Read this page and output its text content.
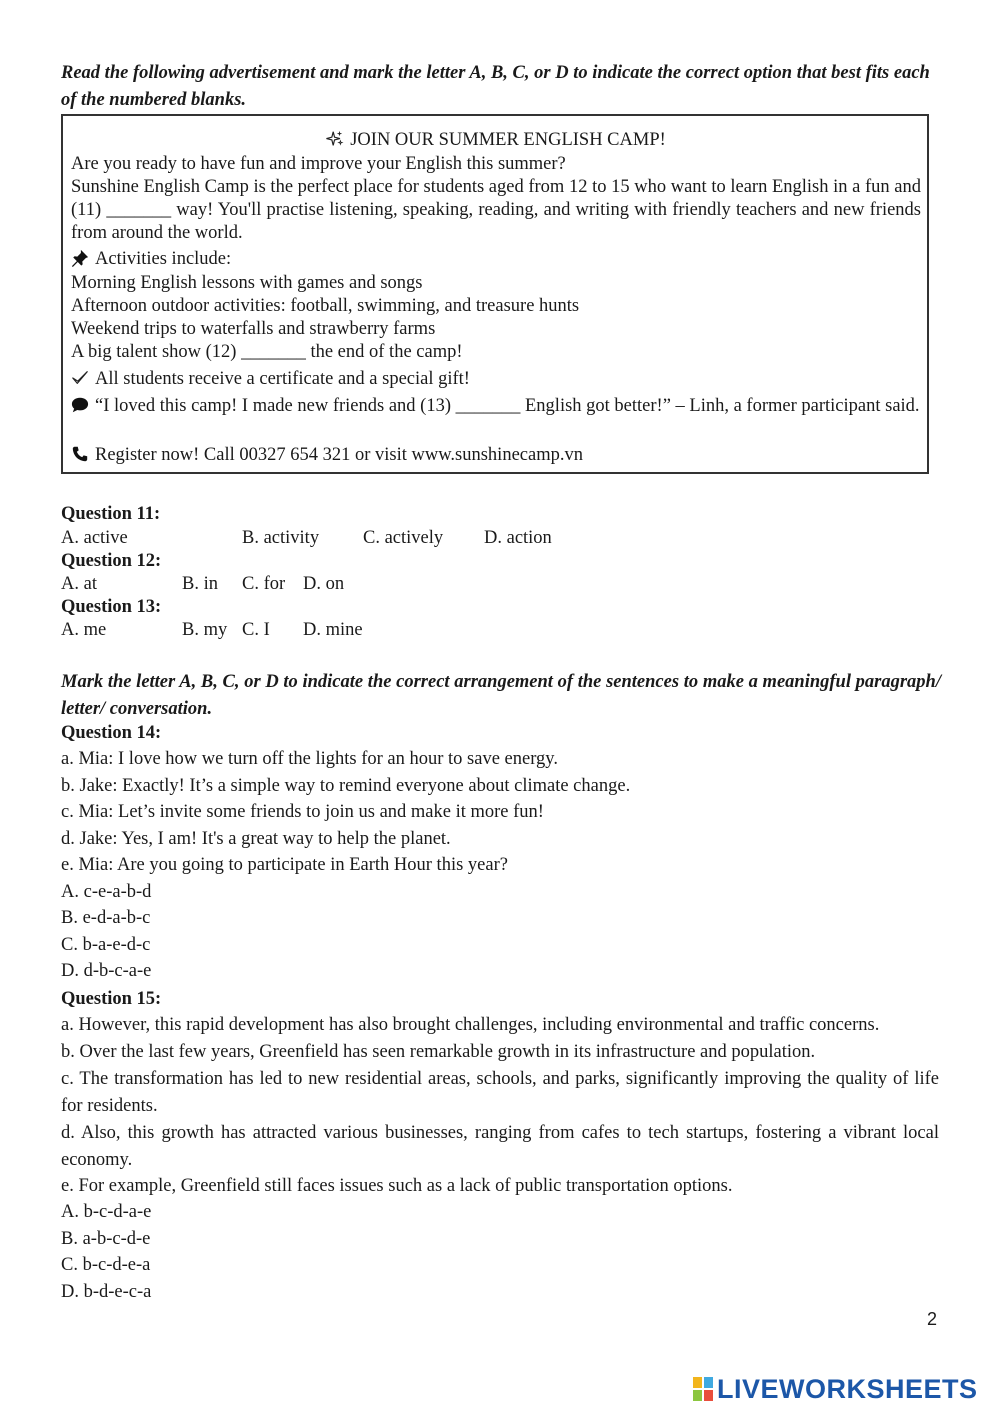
Read the following advertisement and mark the letter A, B, C, or D to indicate the correct option that best fits each of the numbered blanks.
JOIN OUR SUMMER ENGLISH CAMP!
Are you ready to have fun and improve your English this summer?
Sunshine English Camp is the perfect place for students aged from 12 to 15 who want to learn English in a fun and (11) _______ way! You'll practise listening, speaking, reading, and writing with friendly teachers and new friends from around the world.
Activities include:
Morning English lessons with games and songs
Afternoon outdoor activities: football, swimming, and treasure hunts
Weekend trips to waterfalls and strawberry farms
A big talent show (12) _______ the end of the camp!
All students receive a certificate and a special gift!
“I loved this camp! I made new friends and (13) _______ English got better!” – Linh, a former participant said.
Register now! Call 00327 654 321 or visit www.sunshinecamp.vn
Question 11:
A. active	B. activity C. actively D. action
Question 12:
A. at	B. in C. for D. on
Question 13:
A. me	B. my C. I D. mine
Mark the letter A, B, C, or D to indicate the correct arrangement of the sentences to make a meaningful paragraph/ letter/ conversation.
Question 14:
a. Mia: I love how we turn off the lights for an hour to save energy.
b. Jake: Exactly! It’s a simple way to remind everyone about climate change.
c. Mia: Let’s invite some friends to join us and make it more fun!
d. Jake: Yes, I am! It's a great way to help the planet.
e. Mia: Are you going to participate in Earth Hour this year?
A. c-e-a-b-d
B. e-d-a-b-c
C. b-a-e-d-c
D. d-b-c-a-e
Question 15:
a. However, this rapid development has also brought challenges, including environmental and traffic concerns.
b. Over the last few years, Greenfield has seen remarkable growth in its infrastructure and population.
c. The transformation has led to new residential areas, schools, and parks, significantly improving the quality of life for residents.
d. Also, this growth has attracted various businesses, ranging from cafes to tech startups, fostering a vibrant local economy.
e. For example, Greenfield still faces issues such as a lack of public transportation options.
A. b-c-d-a-e
B. a-b-c-d-e
C. b-c-d-e-a
D. b-d-e-c-a
2
LIVEWORKSHEETS
